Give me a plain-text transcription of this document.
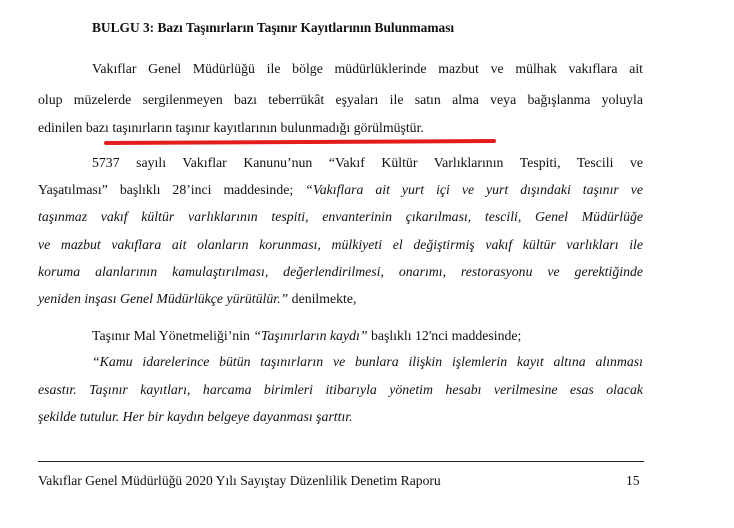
BULGU 3: Bazı Taşınırların Taşınır Kayıtlarının Bulunmaması
Vakıflar Genel Müdürlüğü ile bölge müdürlüklerinde mazbut ve mülhak vakıflara ait
olup müzelerde sergilenmeyen bazı teberrükât eşyaları ile satın alma veya bağışlanma yoluyla
edinilen bazı taşınırların taşınır kayıtlarının bulunmadığı görülmüştür.
5737 sayılı Vakıflar Kanunu’nun “Vakıf Kültür Varlıklarının Tespiti, Tescili ve
Yaşatılması” başlıklı 28’inci maddesinde; “Vakıflara ait yurt içi ve yurt dışındaki taşınır ve
taşınmaz vakıf kültür varlıklarının tespiti, envanterinin çıkarılması, tescili, Genel Müdürlüğe
ve mazbut vakıflara ait olanların korunması, mülkiyeti el değiştirmiş vakıf kültür varlıkları ile
koruma alanlarının kamulaştırılması, değerlendirilmesi, onarımı, restorasyonu ve gerektiğinde
yeniden inşası Genel Müdürlükçe yürütülür.” denilmekte,
Taşınır Mal Yönetmeliği’nin “Taşınırların kaydı” başlıklı 12'nci maddesinde;
“Kamu idarelerince bütün taşınırların ve bunlara ilişkin işlemlerin kayıt altına alınması
esastır. Taşınır kayıtları, harcama birimleri itibarıyla yönetim hesabı verilmesine esas olacak
şekilde tutulur. Her bir kaydın belgeye dayanması şarttır.
Vakıflar Genel Müdürlüğü 2020 Yılı Sayıştay Düzenlilik Denetim Raporu	15
